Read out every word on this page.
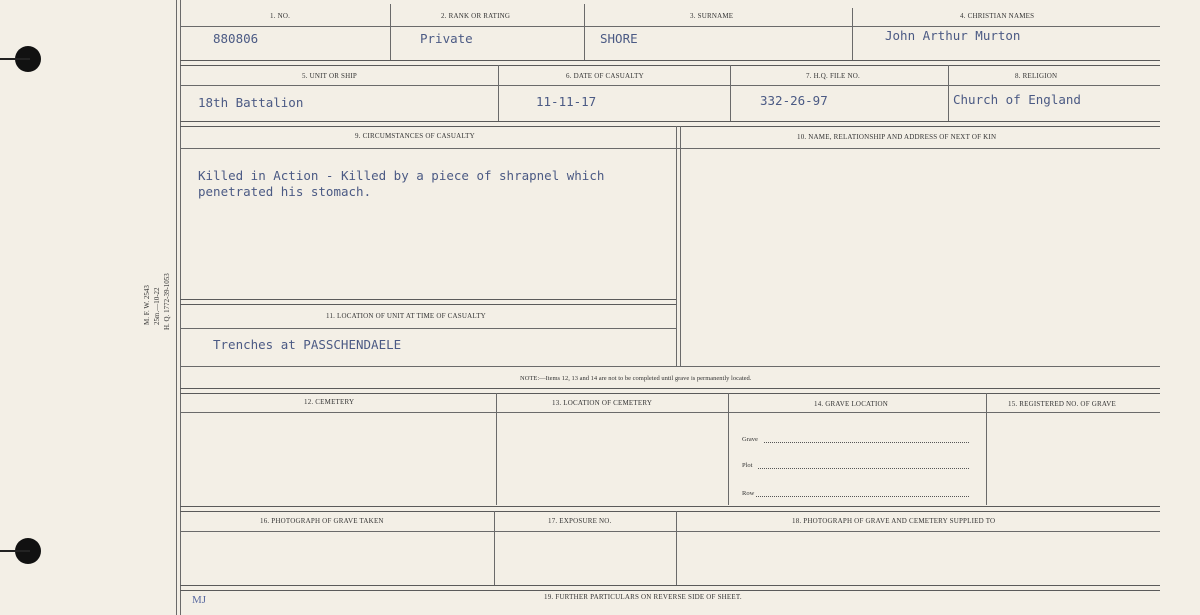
M. F. W. 2543 25m.—10-22 H. Q. 1772-39-1053
1. NO.	2. RANK OR RATING	3. SURNAME	4. CHRISTIAN NAMES
880806	Private	SHORE	John Arthur Murton
5. UNIT OR SHIP	6. DATE OF CASUALTY	7. H.Q. FILE NO.	8. RELIGION
18th Battalion	11-11-17	332-26-97	Church of England
9. CIRCUMSTANCES OF CASUALTY	10. NAME, RELATIONSHIP AND ADDRESS OF NEXT OF KIN
Killed in Action - Killed by a piece of shrapnel which
penetrated his stomach.
11. LOCATION OF UNIT AT TIME OF CASUALTY
Trenches at PASSCHENDAELE
NOTE:—Items 12, 13 and 14 are not to be completed until grave is permanently located.
12. CEMETERY	13. LOCATION OF CEMETERY	14. GRAVE LOCATION	15. REGISTERED NO. OF GRAVE
Grave
Plot
Row
16. PHOTOGRAPH OF GRAVE TAKEN	17. EXPOSURE NO.	18. PHOTOGRAPH OF GRAVE AND CEMETERY SUPPLIED TO
19. FURTHER PARTICULARS ON REVERSE SIDE OF SHEET.
MJ
